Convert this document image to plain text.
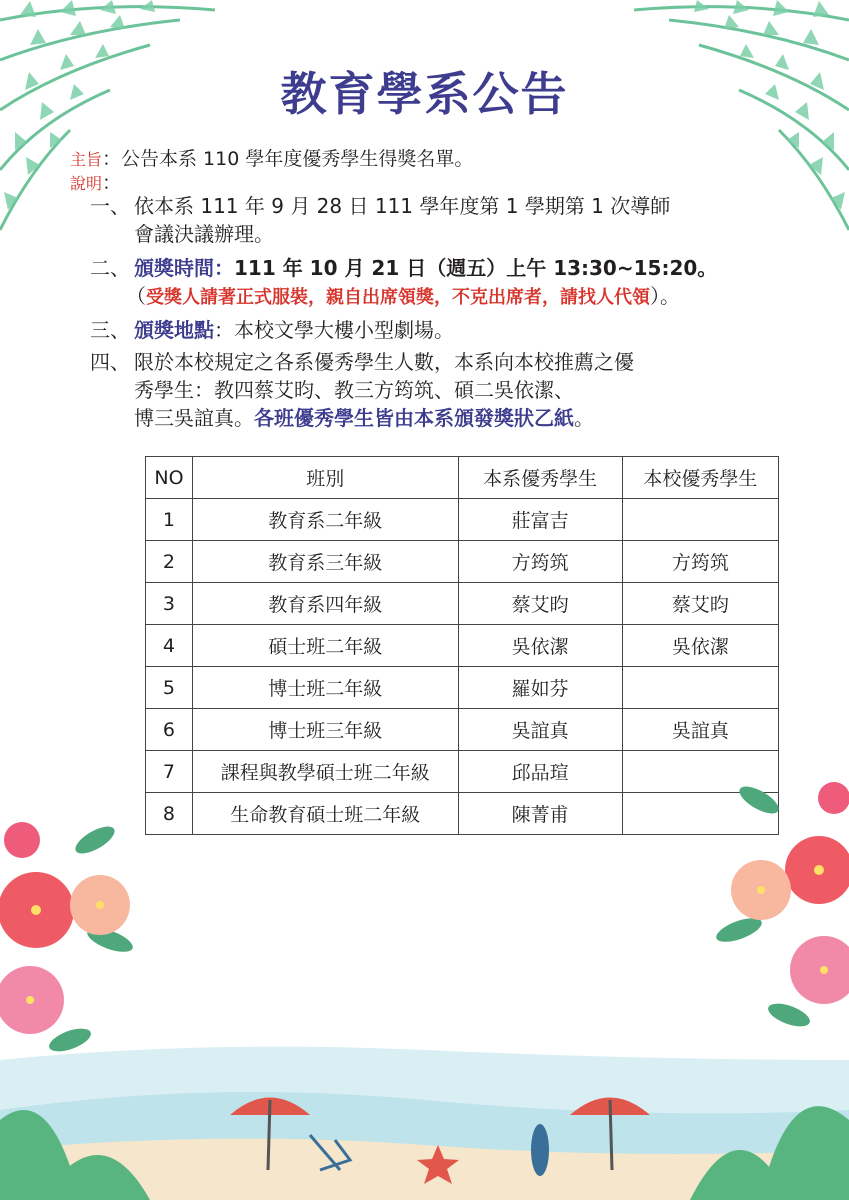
教育學系公告
主旨：公告本系 110 學年度優秀學生得獎名單。
說明：
一、 依本系 111 年 9 月 28 日 111 學年度第 1 學期第 1 次導師
會議決議辦理。
二、 頒獎時間：111 年 10 月 21 日（週五）上午 13:30~15:20。
（受獎人請著正式服裝，親自出席領獎，不克出席者，請找人代領）。
三、 頒獎地點：本校文學大樓小型劇場。
四、 限於本校規定之各系優秀學生人數，本系向本校推薦之優
秀學生：教四蔡艾昀、教三方筠筑、碩二吳依潔、
博三吳誼真。各班優秀學生皆由本系頒發獎狀乙紙。
NO	班別	本系優秀學生	本校優秀學生
1	教育系二年級	莊富吉	
2	教育系三年級	方筠筑	方筠筑
3	教育系四年級	蔡艾昀	蔡艾昀
4	碩士班二年級	吳依潔	吳依潔
5	博士班二年級	羅如芬	
6	博士班三年級	吳誼真	吳誼真
7	課程與教學碩士班二年級	邱品瑄	
8	生命教育碩士班二年級	陳菁甫	
